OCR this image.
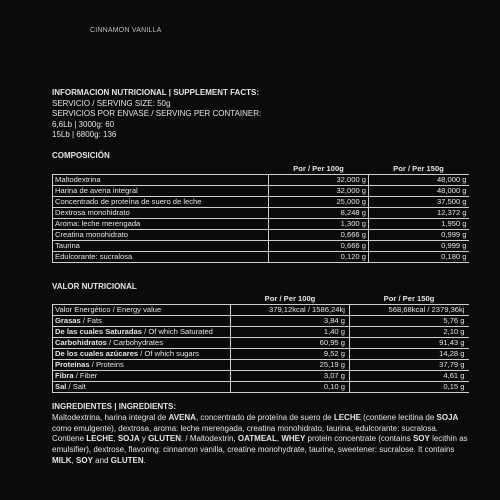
CINNAMON VANILLA
INFORMACION NUTRICIONAL | SUPPLEMENT FACTS:
SERVICIO / SERVING SIZE: 50g
SERVICIOS POR ENVASE / SERVING PER CONTAINER:
6,6Lb | 3000g: 60
15Lb | 6800g: 136
COMPOSICIÓN
	Por / Per 100g	Por / Per 150g
Maltodextrina	32,000 g	48,000 g
Harina de avena integral	32,000 g	48,000 g
Concentrado de proteína de suero de leche	25,000 g	37,500 g
Dextrosa monohidrato	8,248 g	12,372 g
Aroma: leche merengada	1,300 g	1,950 g
Creatina monohidrato	0,666 g	0,999 g
Taurina	0,666 g	0,999 g
Edulcorante: sucralosa	0,120 g	0,180 g
VALOR NUTRICIONAL
	Por / Per 100g	Por / Per 150g
Valor Energético / Energy value	379,12kcal / 1586,24kj	568,68kcal / 2379,36kj
Grasas / Fats	3,84 g	5,76 g
De las cuales Saturadas / Of which Saturated	1,40 g	2,10 g
Carbohidratos / Carbohydrates	60,95 g	91,43 g
De los cuales azúcares / Of which sugars	9,52 g	14,28 g
Proteínas / Proteins	25,19 g	37,79 g
Fibra / Fiber	3,07 g	4,61 g
Sal / Salt	0,10 g	0,15 g
INGREDIENTES | INGREDIENTS:
Maltodextrina, harina integral de AVENA, concentrado de proteína de suero de LECHE (contiene lecitina de SOJA como emulgente), dextrosa, aroma: leche merengada, creatina monohidrato, taurina, edulcorante: sucralosa. Contiene LECHE, SOJA y GLUTEN. / Maltodextrin, OATMEAL, WHEY protein concentrate (contains SOY lecithin as emulsifier), dextrose, flavoring: cinnamon vanilla, creatine monohydrate, taurine, sweetener: sucralose. It contains MILK, SOY and GLUTEN.
